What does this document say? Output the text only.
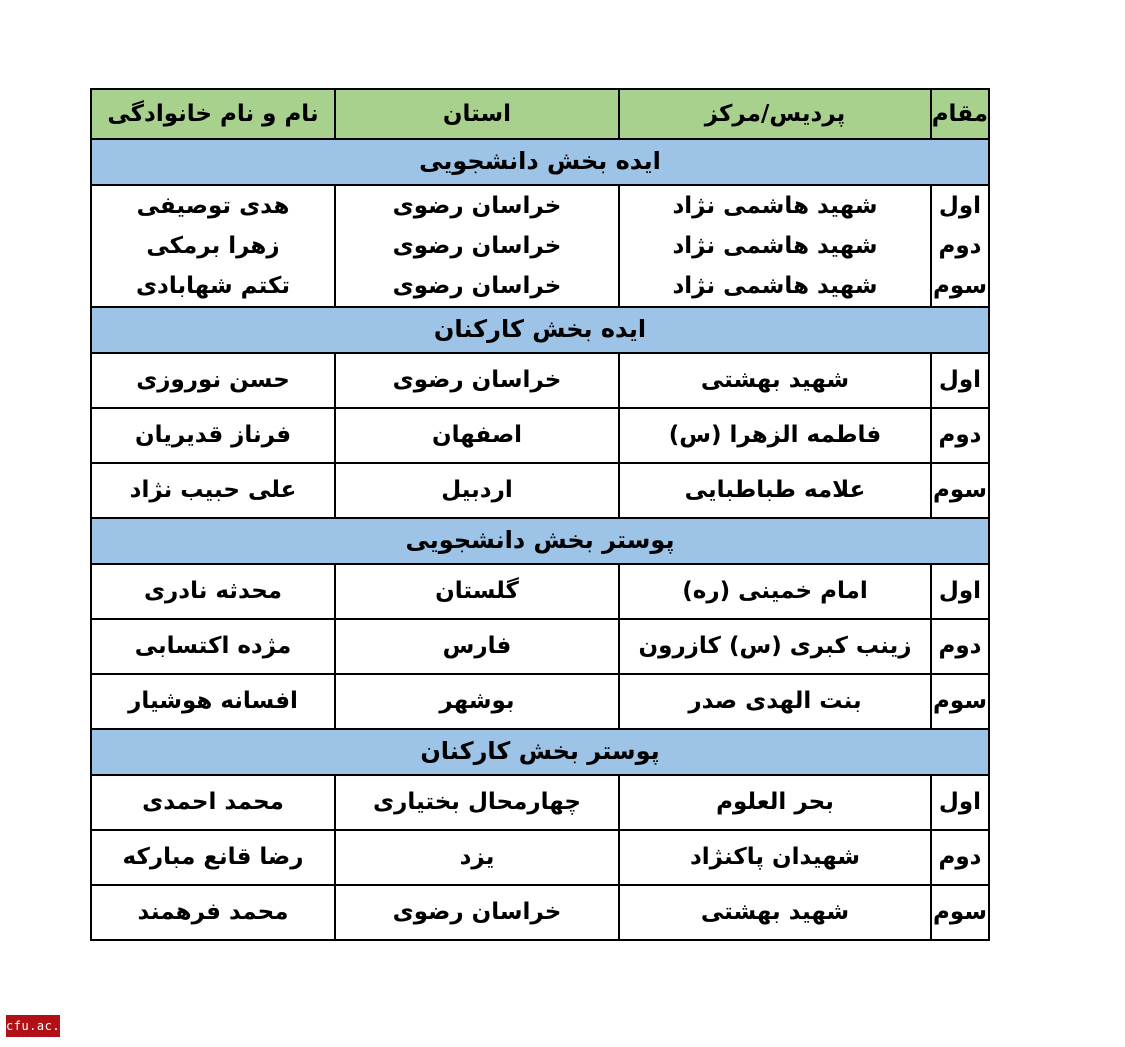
مقام	پردیس/مرکز	استان	نام و نام خانوادگی
ایده بخش دانشجویی			
اول	شهید هاشمی نژاد	خراسان رضوی	هدی توصیفی
دوم	شهید هاشمی نژاد	خراسان رضوی	زهرا برمکی
سوم	شهید هاشمی نژاد	خراسان رضوی	تکتم شهابادی
ایده بخش کارکنان			
اول	شهید بهشتی	خراسان رضوی	حسن نوروزی
دوم	فاطمه الزهرا (س)	اصفهان	فرناز قدیریان
سوم	علامه طباطبایی	اردبیل	علی حبیب نژاد
پوستر بخش دانشجویی			
اول	امام خمینی (ره)	گلستان	محدثه نادری
دوم	زینب کبری (س) کازرون	فارس	مژده اکتسابی
سوم	بنت الهدی صدر	بوشهر	افسانه هوشیار
پوستر بخش کارکنان			
اول	بحر العلوم	چهارمحال بختیاری	محمد احمدی
دوم	شهیدان پاکنژاد	یزد	رضا قانع مبارکه
سوم	شهید بهشتی	خراسان رضوی	محمد فرهمند
cfu.ac.ir
